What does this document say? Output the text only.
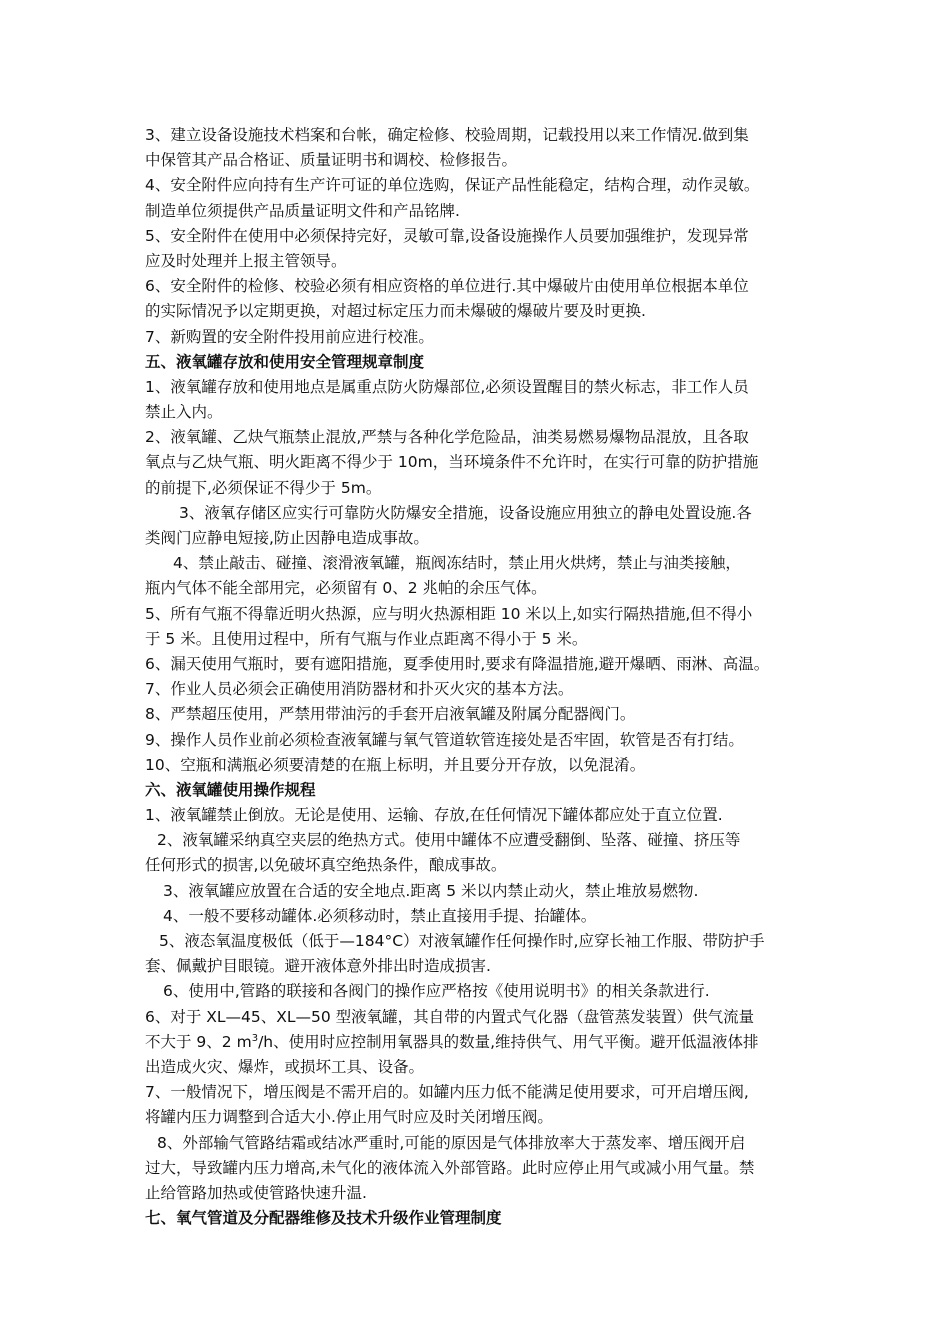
3、建立设备设施技术档案和台帐，确定检修、校验周期，记载投用以来工作情况.做到集
中保管其产品合格证、质量证明书和调校、检修报告。
4、安全附件应向持有生产许可证的单位选购，保证产品性能稳定，结构合理，动作灵敏。
制造单位须提供产品质量证明文件和产品铭牌.
5、安全附件在使用中必须保持完好，灵敏可靠,设备设施操作人员要加强维护，发现异常
应及时处理并上报主管领导。
6、安全附件的检修、校验必须有相应资格的单位进行.其中爆破片由使用单位根据本单位
的实际情况予以定期更换，对超过标定压力而未爆破的爆破片要及时更换.
7、新购置的安全附件投用前应进行校准。
五、液氧罐存放和使用安全管理规章制度
1、液氧罐存放和使用地点是属重点防火防爆部位,必须设置醒目的禁火标志，非工作人员
禁止入内。
2、液氧罐、乙炔气瓶禁止混放,严禁与各种化学危险品，油类易燃易爆物品混放，且各取
氧点与乙炔气瓶、明火距离不得少于 10m，当环境条件不允许时，在实行可靠的防护措施
的前提下,必须保证不得少于 5m。
3、液氧存储区应实行可靠防火防爆安全措施，设备设施应用独立的静电处置设施.各
类阀门应静电短接,防止因静电造成事故。
4、禁止敲击、碰撞、滚滑液氧罐，瓶阀冻结时，禁止用火烘烤，禁止与油类接触，
瓶内气体不能全部用完，必须留有 0、2 兆帕的余压气体。
5、所有气瓶不得靠近明火热源，应与明火热源相距 10 米以上,如实行隔热措施,但不得小
于 5 米。且使用过程中，所有气瓶与作业点距离不得小于 5 米。
6、漏天使用气瓶时，要有遮阳措施，夏季使用时,要求有降温措施,避开爆晒、雨淋、高温。
7、作业人员必须会正确使用消防器材和扑灭火灾的基本方法。
8、严禁超压使用，严禁用带油污的手套开启液氧罐及附属分配器阀门。
9、操作人员作业前必须检查液氧罐与氧气管道软管连接处是否牢固，软管是否有打结。
10、空瓶和满瓶必须要清楚的在瓶上标明，并且要分开存放，以免混淆。
六、液氧罐使用操作规程
1、液氧罐禁止倒放。无论是使用、运输、存放,在任何情况下罐体都应处于直立位置.
2、液氧罐采纳真空夹层的绝热方式。使用中罐体不应遭受翻倒、坠落、碰撞、挤压等
任何形式的损害,以免破坏真空绝热条件，酿成事故。
3、液氧罐应放置在合适的安全地点.距离 5 米以内禁止动火，禁止堆放易燃物.
4、一般不要移动罐体.必须移动时，禁止直接用手提、抬罐体。
5、液态氧温度极低（低于—184°C）对液氧罐作任何操作时,应穿长袖工作服、带防护手
套、佩戴护目眼镜。避开液体意外排出时造成损害.
6、使用中,管路的联接和各阀门的操作应严格按《使用说明书》的相关条款进行.
6、对于 XL—45、XL—50 型液氧罐，其自带的内置式气化器（盘管蒸发装置）供气流量
不大于 9、2 $m^3/h$、使用时应控制用氧器具的数量,维持供气、用气平衡。避开低温液体排
出造成火灾、爆炸，或损坏工具、设备。
7、一般情况下，增压阀是不需开启的。如罐内压力低不能满足使用要求，可开启增压阀,
将罐内压力调整到合适大小.停止用气时应及时关闭增压阀。
8、外部输气管路结霜或结冰严重时,可能的原因是气体排放率大于蒸发率、增压阀开启
过大，导致罐内压力增高,未气化的液体流入外部管路。此时应停止用气或减小用气量。禁
止给管路加热或使管路快速升温.
七、氧气管道及分配器维修及技术升级作业管理制度
